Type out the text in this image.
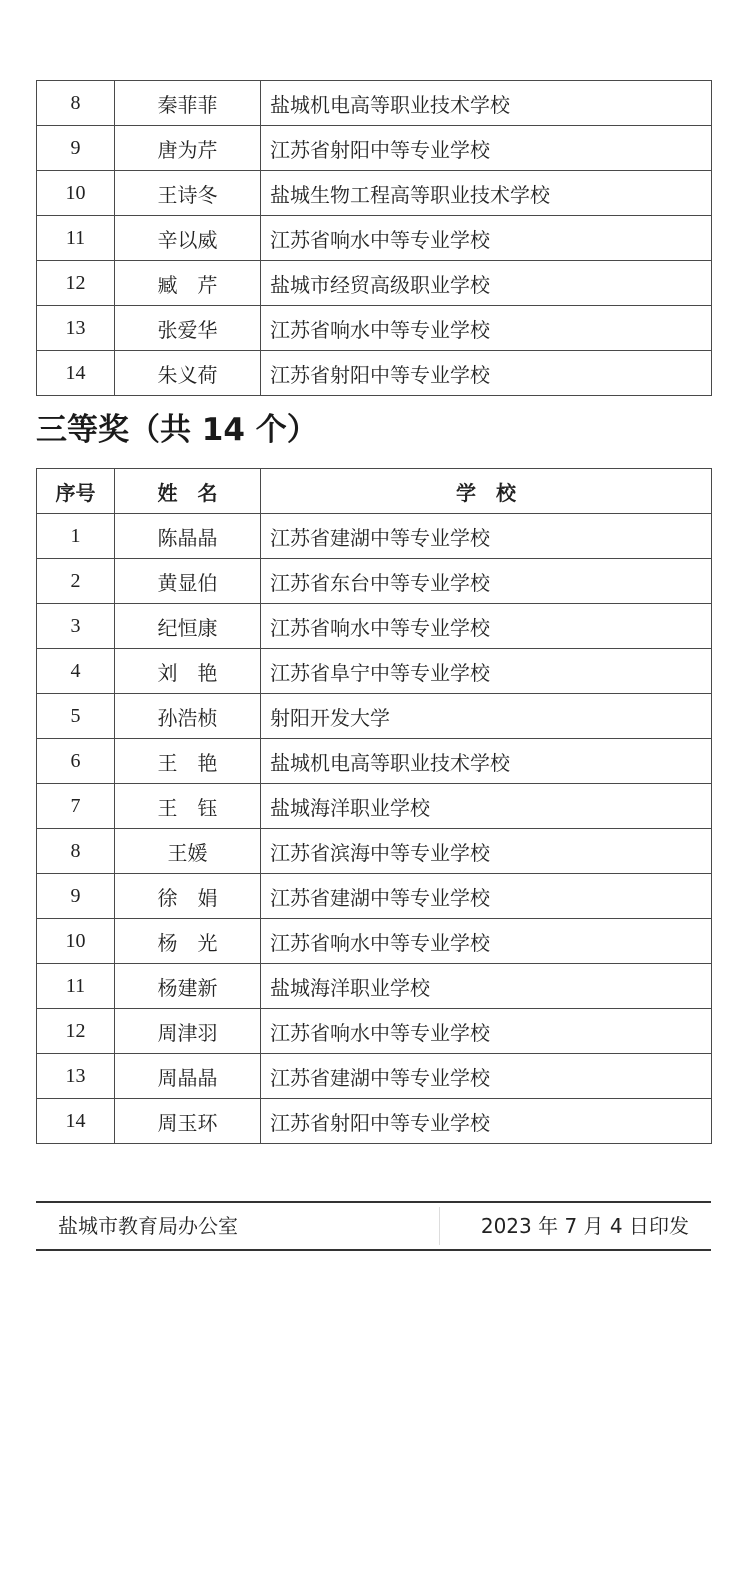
8	秦菲菲	盐城机电高等职业技术学校
9	唐为芹	江苏省射阳中等专业学校
10	王诗冬	盐城生物工程高等职业技术学校
11	辛以威	江苏省响水中等专业学校
12	臧　芹	盐城市经贸高级职业学校
13	张爱华	江苏省响水中等专业学校
14	朱义荷	江苏省射阳中等专业学校
三等奖（共 14 个）
序号	姓　名	学　校
1	陈晶晶	江苏省建湖中等专业学校
2	黄显伯	江苏省东台中等专业学校
3	纪恒康	江苏省响水中等专业学校
4	刘　艳	江苏省阜宁中等专业学校
5	孙浩桢	射阳开发大学
6	王　艳	盐城机电高等职业技术学校
7	王　钰	盐城海洋职业学校
8	王媛	江苏省滨海中等专业学校
9	徐　娟	江苏省建湖中等专业学校
10	杨　光	江苏省响水中等专业学校
11	杨建新	盐城海洋职业学校
12	周津羽	江苏省响水中等专业学校
13	周晶晶	江苏省建湖中等专业学校
14	周玉环	江苏省射阳中等专业学校
盐城市教育局办公室	2023 年 7 月 4 日印发
